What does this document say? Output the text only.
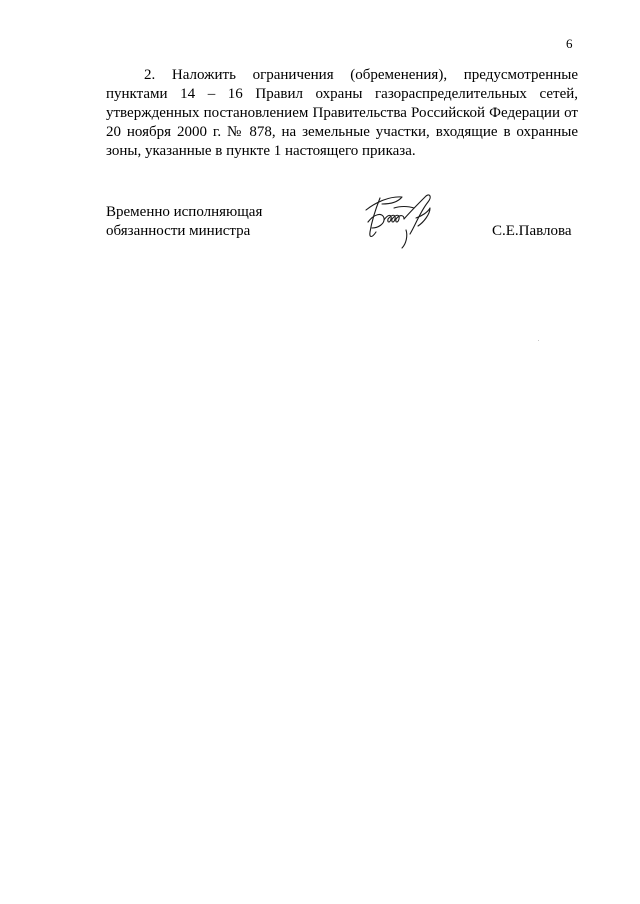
6

2. Наложить ограничения (обременения), предусмотренные пунктами 14 – 16 Правил охраны газораспределительных сетей, утвержденных постановлением Правительства Российской Федерации от 20 ноября 2000 г. № 878, на земельные участки, входящие в охранные зоны, указанные в пункте 1 настоящего приказа.

Временно исполняющая
обязанности министра	С.Е.Павлова
